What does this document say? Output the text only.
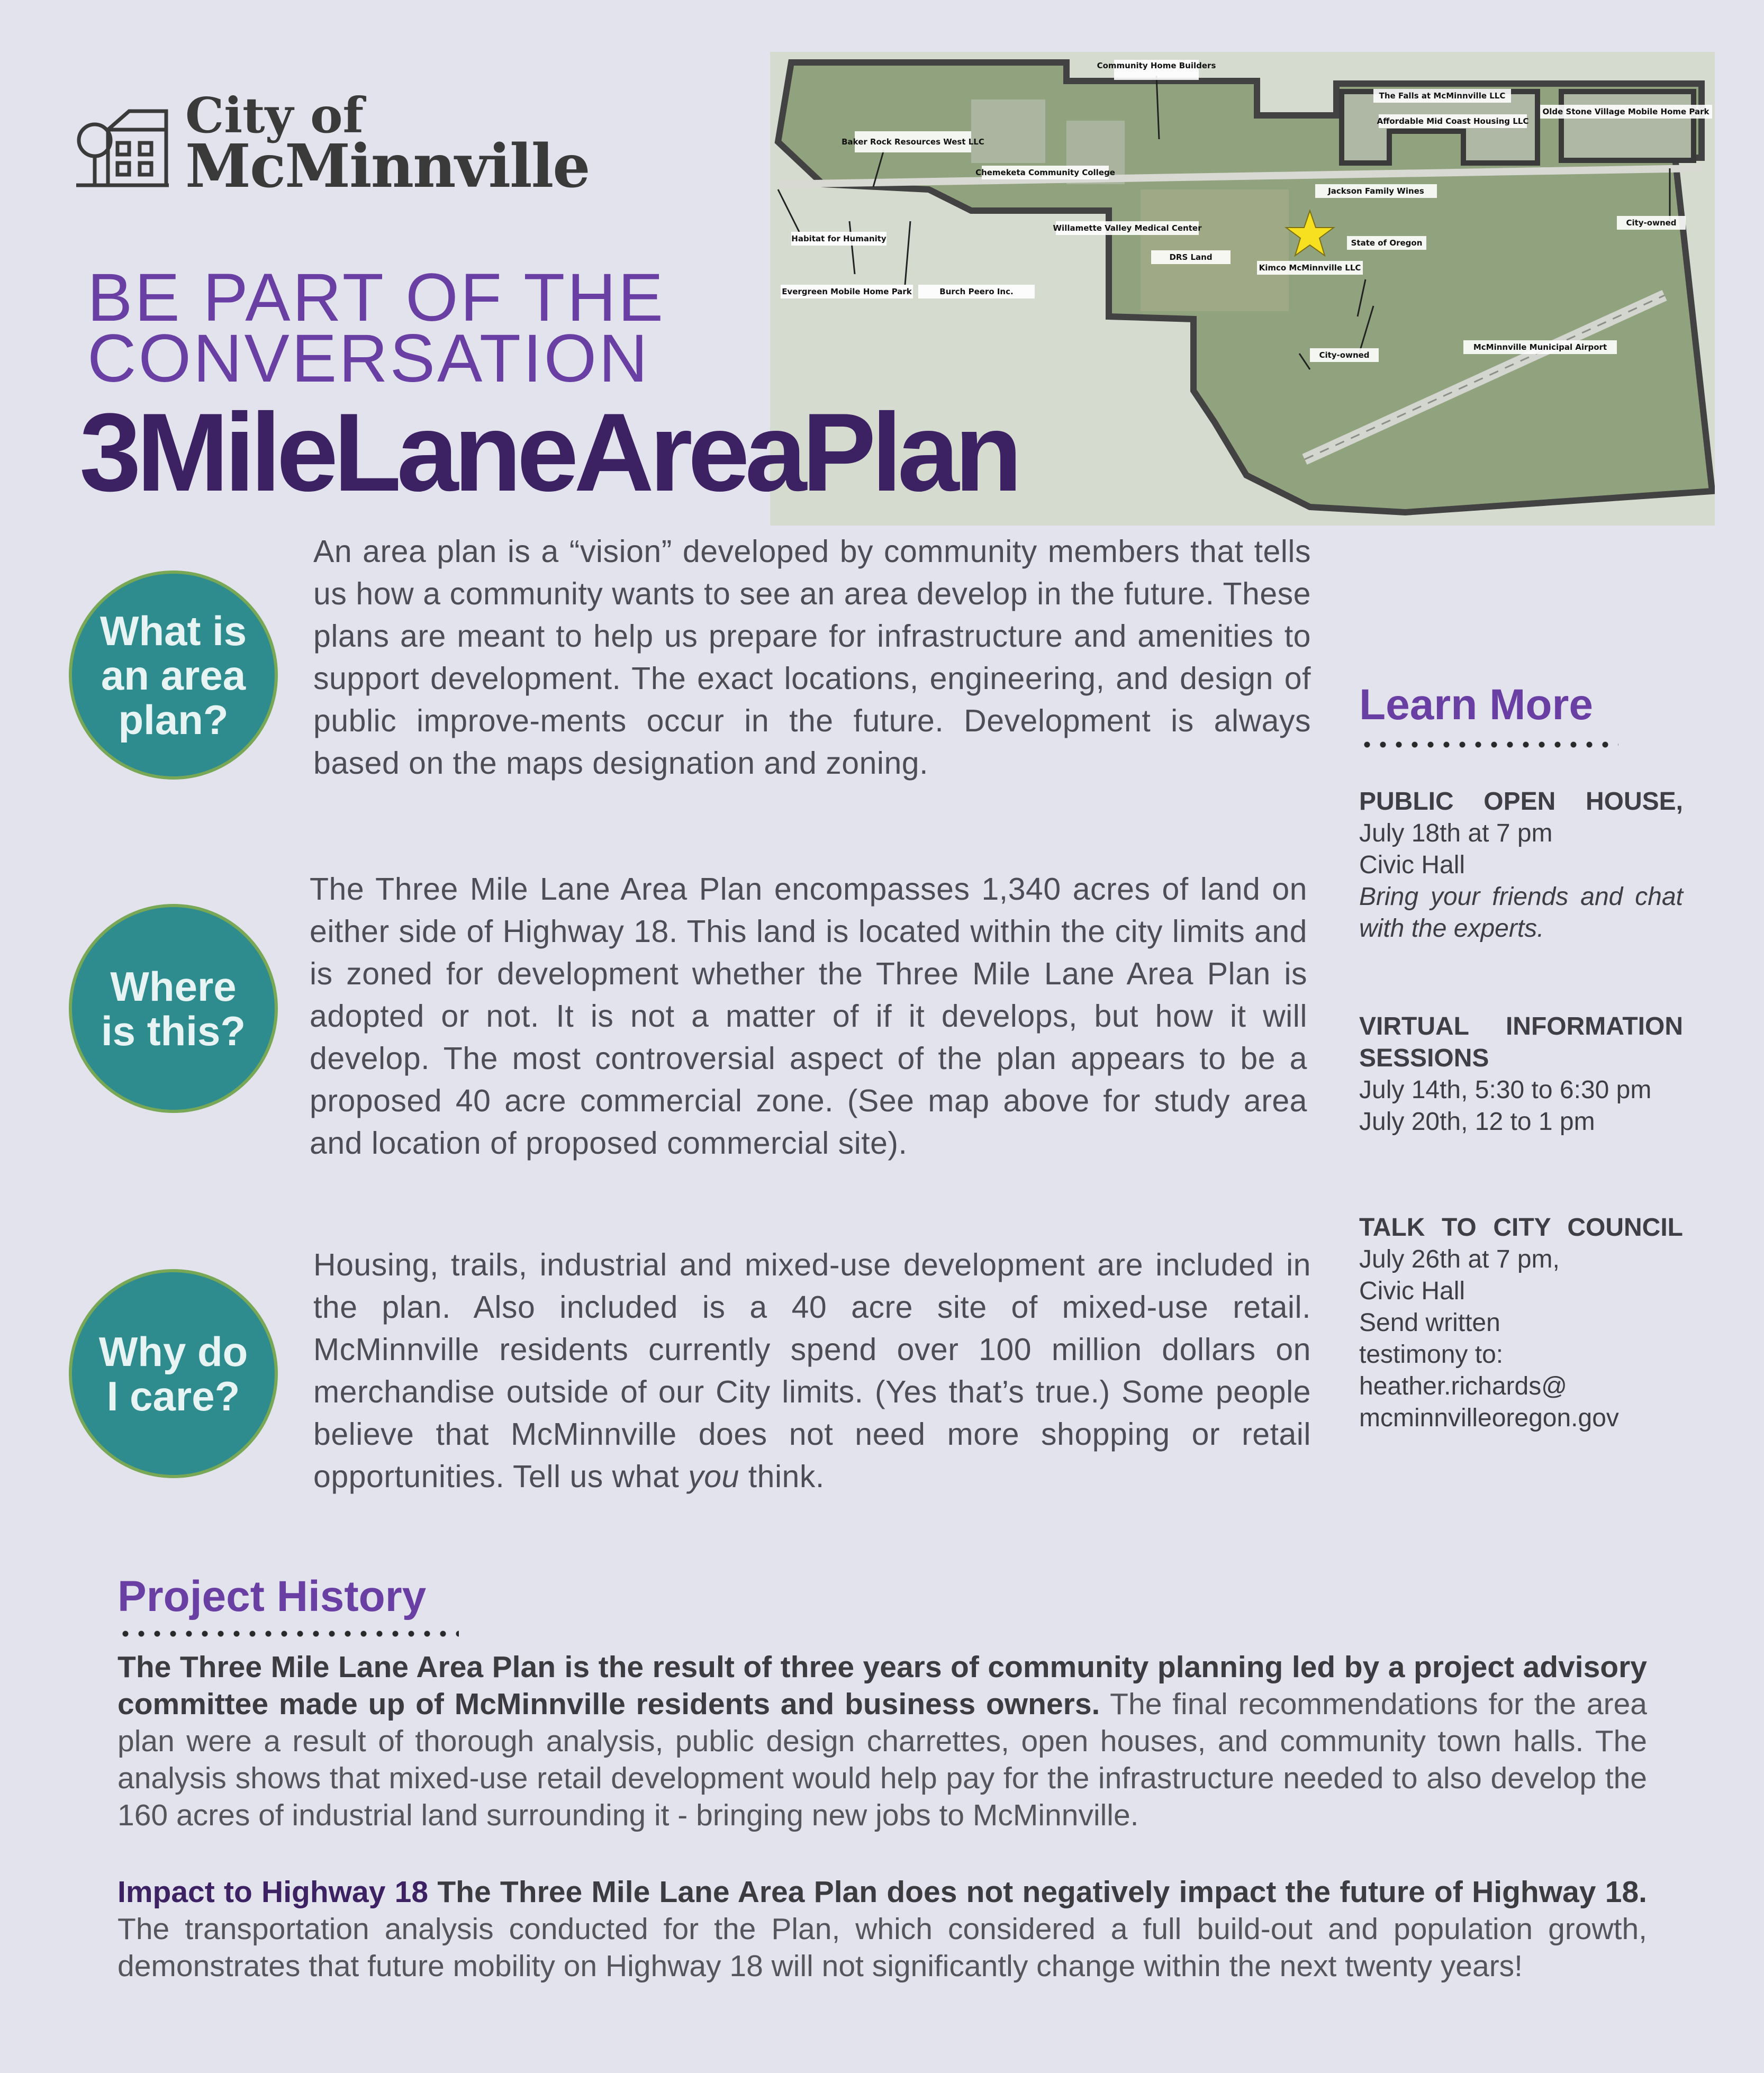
City of
McMinnville
Community Home Builders
Baker Rock Resources West LLC
Habitat for Humanity
Chemeketa Community College
Willamette Valley Medical Center
Burch Peero Inc.
Evergreen Mobile Home Park
DRS Land
Kimco McMinnville LLC
The Falls at McMinnville LLC
Affordable Mid Coast Housing LLC
Olde Stone Village Mobile Home Park
Jackson Family Wines
State of Oregon
City-owned
City-owned
McMinnville Municipal Airport
BE PART OF THE
CONVERSATION
3MileLaneAreaPlan
What is
an area
plan?
Where
is this?
Why do
I care?
An area plan is a “vision” developed by community members that tells us how a community wants to see an area develop in the future. These plans are meant to help us prepare for infrastructure and amenities to support development. The exact locations, engineering, and design of public improve-ments occur in the future. Development is always based on the maps designation and zoning.
The Three Mile Lane Area Plan encompasses 1,340 acres of land on either side of Highway 18. This land is located within the city limits and is zoned for development whether the Three Mile Lane Area Plan is adopted or not. It is not a matter of if it develops, but how it will develop. The most controversial aspect of the plan appears to be a proposed 40 acre commercial zone. (See map above for study area and location of proposed commercial site).
Housing, trails, industrial and mixed-use development are included in the plan. Also included is a 40 acre site of mixed-use retail. McMinnville residents currently spend over 100 million dollars on merchandise outside of our City limits. (Yes that’s true.) Some people believe that McMinnville does not need more shopping or retail opportunities. Tell us what you think.
Learn More
PUBLIC OPEN HOUSE,
July 18th at 7 pm
Civic Hall
Bring your friends and chat with the experts.
VIRTUAL INFORMATION
SESSIONS
July 14th, 5:30 to 6:30 pm
July 20th, 12 to 1 pm
TALK TO CITY COUNCIL
July 26th at 7 pm,
Civic Hall
Send written
testimony to:
heather.richards@
mcminnvilleoregon.gov
Project History
The Three Mile Lane Area Plan is the result of three years of community planning led by a project advisory committee made up of McMinnville residents and business owners. The final recommendations for the area plan were a result of thorough analysis, public design charrettes, open houses, and community town halls. The analysis shows that mixed-use retail development would help pay for the infrastructure needed to also develop the 160 acres of industrial land surrounding it - bringing new jobs to McMinnville.
Impact to Highway 18 The Three Mile Lane Area Plan does not negatively impact the future of Highway 18. The transportation analysis conducted for the Plan, which considered a full build-out and population growth, demonstrates that future mobility on Highway 18 will not significantly change within the next twenty years!
